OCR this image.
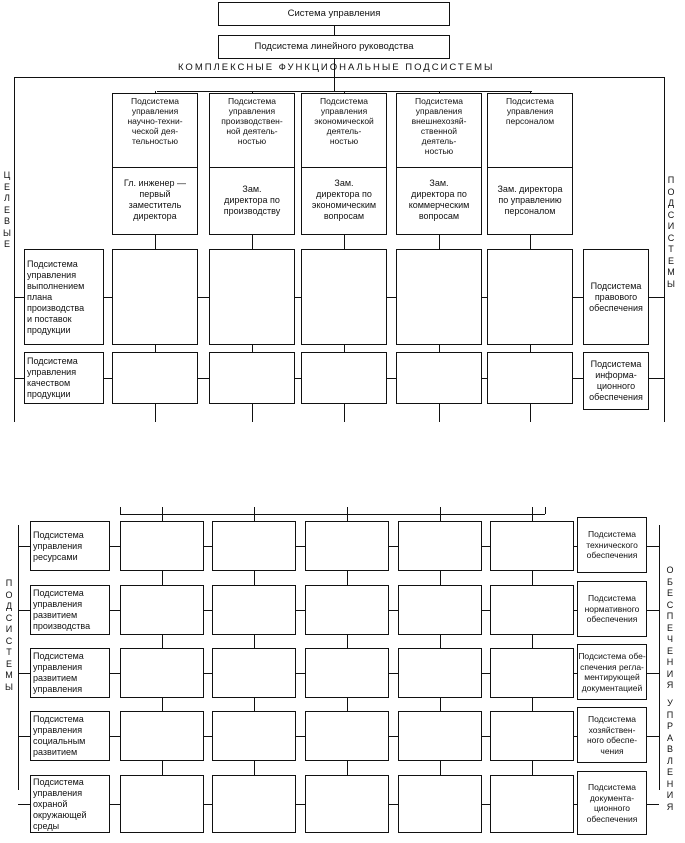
Система управления
Подсистема линейного руководства
КОМПЛЕКСНЫЕ ФУНКЦИОНАЛЬНЫЕ ПОДСИСТЕМЫ
Подсистема
управления
научно-техни-
ческой дея-
тельностью
Гл. инженер —
первый
заместитель
директора
Подсистема
управления
производствен-
ной деятель-
ностью
Зам.
директора по
производству
Подсистема
управления
экономической
деятель-
ностью
Зам.
директора по
экономическим
вопросам
Подсистема
управления
внешнехозяй-
ственной
деятель-
ностью
Зам.
директора по
коммерческим
вопросам
Подсистема
управления
персоналом
Зам. директора
по управлению
персоналом
Ц
Е
Л
Е
В
Ы
Е
П
О
Д
С
И
С
Т
Е
М
Ы
Подсистема
управления выполнением
плана
производства
и поставок
продукции
Подсистема
управления
качеством
продукции
Подсистема
правового
обеспечения
Подсистема
информа-
ционного
обеспечения
П
О
Д
С
И
С
Т
Е
М
Ы
О
Б
Е
С
П
Е
Ч
Е
Н
И
Я
У
П
Р
А
В
Л
Е
Н
И
Я
Подсистема
управления
ресурсами
Подсистема
технического
обеспечения
Подсистема
управления
развитием
производства
Подсистема
нормативного
обеспечения
Подсистема
управления
развитием
управления
Подсистема обе-
спечения регла-
ментирующей
документацией
Подсистема
управления
социальным
развитием
Подсистема
хозяйствен-
ного обеспе-
чения
Подсистема
управления
охраной
окружающей
среды
Подсистема
документа-
ционного
обеспечения
